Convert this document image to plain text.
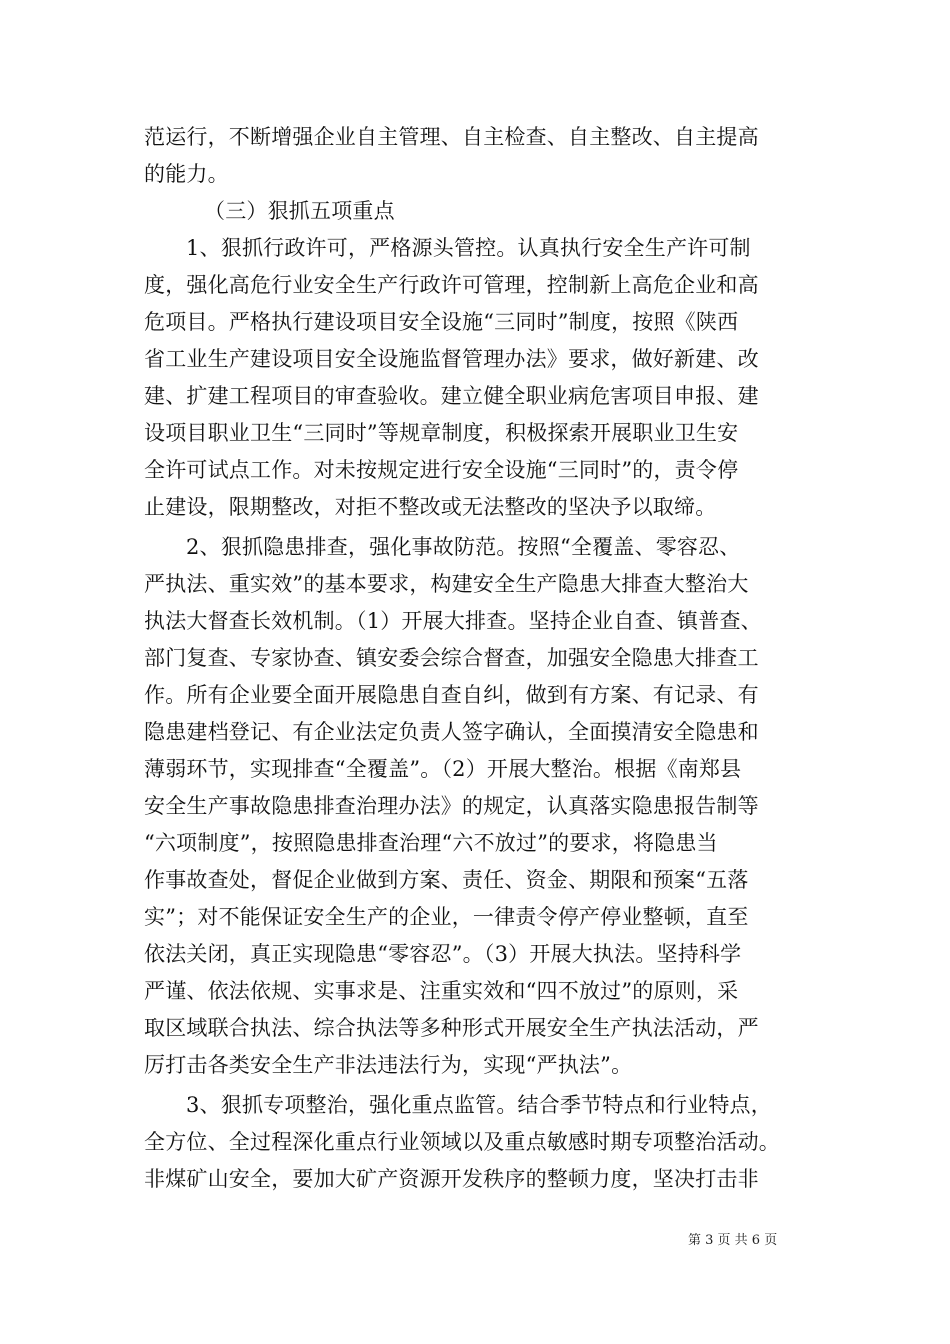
范运行，不断增强企业自主管理、自主检查、自主整改、自主提高
的能力。
（三）狠抓五项重点
1、狠抓行政许可，严格源头管控。认真执行安全生产许可制
度，强化高危行业安全生产行政许可管理，控制新上高危企业和高
危项目。严格执行建设项目安全设施“三同时”制度，按照《陕西
省工业生产建设项目安全设施监督管理办法》要求，做好新建、改
建、扩建工程项目的审查验收。建立健全职业病危害项目申报、建
设项目职业卫生“三同时”等规章制度，积极探索开展职业卫生安
全许可试点工作。对未按规定进行安全设施“三同时”的，责令停
止建设，限期整改，对拒不整改或无法整改的坚决予以取缔。
2、狠抓隐患排查，强化事故防范。按照“全覆盖、零容忍、
严执法、重实效”的基本要求，构建安全生产隐患大排查大整治大
执法大督查长效机制。（1）开展大排查。坚持企业自查、镇普查、
部门复查、专家协查、镇安委会综合督查，加强安全隐患大排查工
作。所有企业要全面开展隐患自查自纠，做到有方案、有记录、有
隐患建档登记、有企业法定负责人签字确认，全面摸清安全隐患和
薄弱环节，实现排查“全覆盖”。（2）开展大整治。根据《南郑县
安全生产事故隐患排查治理办法》的规定，认真落实隐患报告制等
“六项制度”，按照隐患排查治理“六不放过”的要求，将隐患当
作事故查处，督促企业做到方案、责任、资金、期限和预案“五落
实”；对不能保证安全生产的企业，一律责令停产停业整顿，直至
依法关闭，真正实现隐患“零容忍”。（3）开展大执法。坚持科学
严谨、依法依规、实事求是、注重实效和“四不放过”的原则，采
取区域联合执法、综合执法等多种形式开展安全生产执法活动，严
厉打击各类安全生产非法违法行为，实现“严执法”。
3、狠抓专项整治，强化重点监管。结合季节特点和行业特点，
全方位、全过程深化重点行业领域以及重点敏感时期专项整治活动。
非煤矿山安全，要加大矿产资源开发秩序的整顿力度，坚决打击非
第 3 页 共 6 页
